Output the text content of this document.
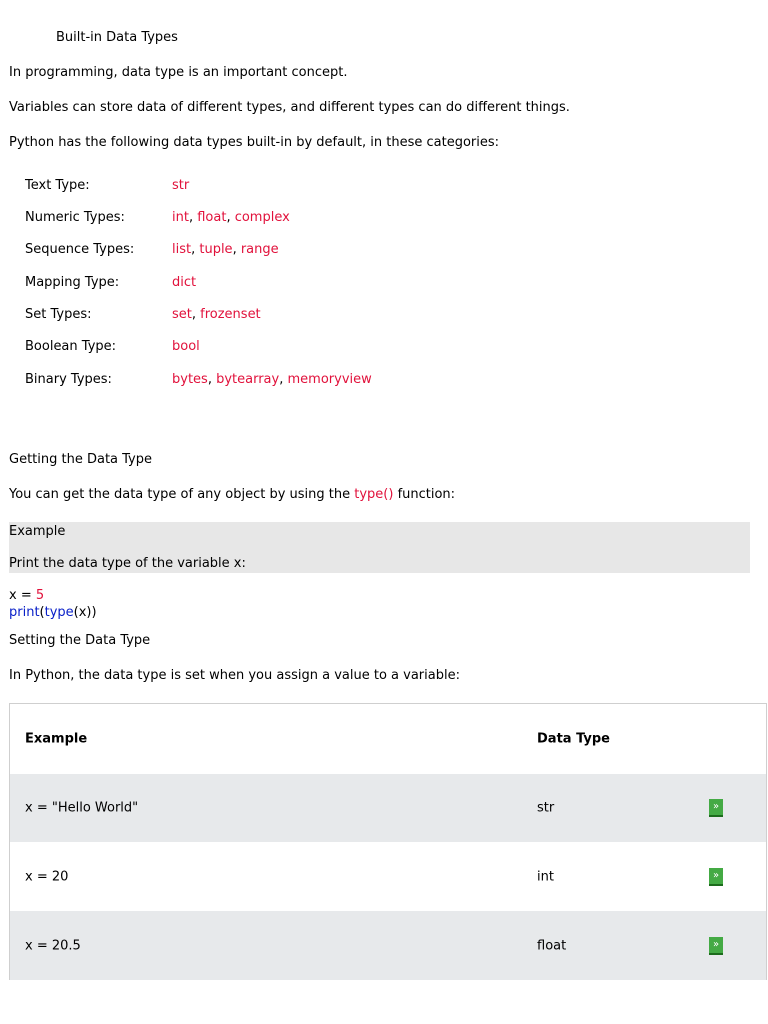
Built-in Data Types
In programming, data type is an important concept.
Variables can store data of different types, and different types can do different things.
Python has the following data types built-in by default, in these categories:
Text Type:	str
Numeric Types:	int, float, complex
Sequence Types:	list, tuple, range
Mapping Type:	dict
Set Types:	set, frozenset
Boolean Type:	bool
Binary Types:	bytes, bytearray, memoryview
Getting the Data Type
You can get the data type of any object by using the type() function:
Example
Print the data type of the variable x:
x = 5
print(type(x))
Setting the Data Type
In Python, the data type is set when you assign a value to a variable:
Example	Data Type
x = "Hello World"	str	»
x = 20	int	»
x = 20.5	float	»
